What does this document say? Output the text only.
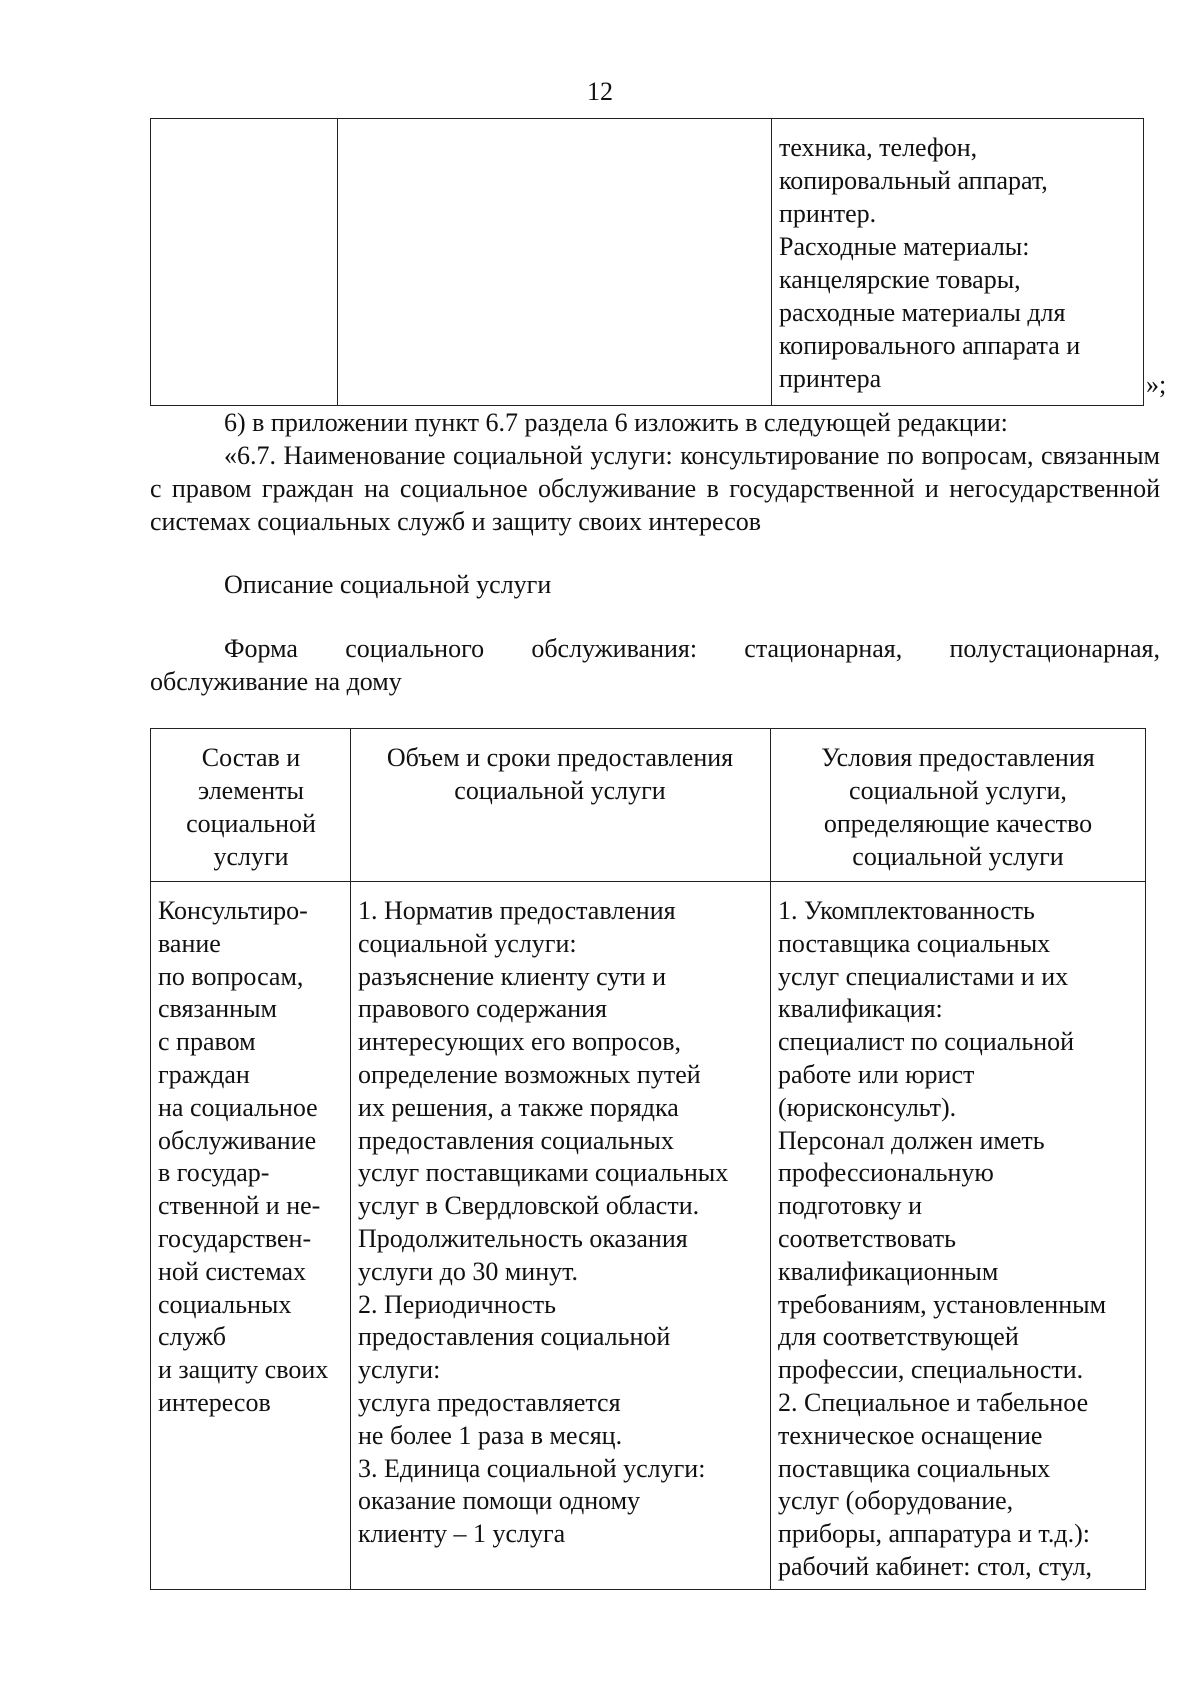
12
техника, телефон,
копировальный аппарат,
принтер.
Расходные материалы:
канцелярские товары,
расходные материалы для
копировального аппарата и
принтера	»;
6) в приложении пункт 6.7 раздела 6 изложить в следующей редакции:
«6.7. Наименование социальной услуги: консультирование по вопросам, связанным с правом граждан на социальное обслуживание в государственной и негосударственной системах социальных служб и защиту своих интересов
Описание социальной услуги
Форма социального обслуживания: стационарная, полустационарная, обслуживание на дому
Состав и
элементы
социальной
услуги
Объем и сроки предоставления
социальной услуги
Условия предоставления
социальной услуги,
определяющие качество
социальной услуги
Консультиро-
вание
по вопросам,
связанным
с правом
граждан
на социальное
обслуживание
в государ-
ственной и не-
государствен-
ной системах
социальных
служб
и защиту своих
интересов
1. Норматив предоставления
социальной услуги:
разъяснение клиенту сути и
правового содержания
интересующих его вопросов,
определение возможных путей
их решения, а также порядка
предоставления социальных
услуг поставщиками социальных
услуг в Свердловской области.
Продолжительность оказания
услуги до 30 минут.
2. Периодичность
предоставления социальной
услуги:
услуга предоставляется
не более 1 раза в месяц.
3. Единица социальной услуги:
оказание помощи одному
клиенту – 1 услуга
1. Укомплектованность
поставщика социальных
услуг специалистами и их
квалификация:
специалист по социальной
работе или юрист
(юрисконсульт).
Персонал должен иметь
профессиональную
подготовку и
соответствовать
квалификационным
требованиям, установленным
для соответствующей
профессии, специальности.
2. Специальное и табельное
техническое оснащение
поставщика социальных
услуг (оборудование,
приборы, аппаратура и т.д.):
рабочий кабинет: стол, стул,
